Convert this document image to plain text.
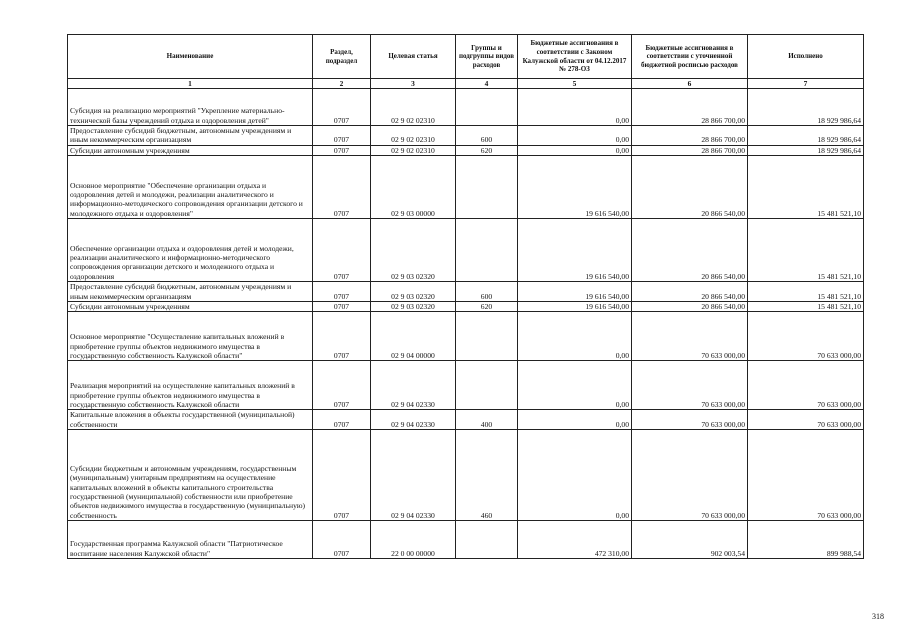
Наименование	Раздел, подраздел	Целевая статья	Группы и подгруппы видов расходов	Бюджетные ассигнования в соответствии с Законом Калужской области от 04.12.2017 № 278-ОЗ	Бюджетные ассигнования в соответствии с уточненной бюджетной росписью расходов	Исполнено
1	2	3	4	5	6	7
Субсидия на реализацию мероприятий "Укрепление материально-технической базы учреждений отдыха и оздоровления детей"	0707	02 9 02 02310		0,00	28 866 700,00	18 929 986,64
Предоставление субсидий бюджетным, автономным учреждениям и иным некоммерческим организациям	0707	02 9 02 02310	600	0,00	28 866 700,00	18 929 986,64
Субсидии автономным учреждениям	0707	02 9 02 02310	620	0,00	28 866 700,00	18 929 986,64
Основное мероприятие "Обеспечение организации отдыха и оздоровления детей и молодежи, реализации аналитического и информационно-методического сопровождения организации детского и молодежного отдыха и оздоровления"	0707	02 9 03 00000		19 616 540,00	20 866 540,00	15 481 521,10
Обеспечение организации отдыха и оздоровления детей и молодежи, реализации аналитического и информационно-методического сопровождения организации детского и молодежного отдыха и оздоровления	0707	02 9 03 02320		19 616 540,00	20 866 540,00	15 481 521,10
Предоставление субсидий бюджетным, автономным учреждениям и иным некоммерческим организациям	0707	02 9 03 02320	600	19 616 540,00	20 866 540,00	15 481 521,10
Субсидии автономным учреждениям	0707	02 9 03 02320	620	19 616 540,00	20 866 540,00	15 481 521,10
Основное мероприятие "Осуществление капитальных вложений в приобретение группы объектов недвижимого имущества в государственную собственность Калужской области"	0707	02 9 04 00000		0,00	70 633 000,00	70 633 000,00
Реализация мероприятий на осуществление капитальных вложений в приобретение группы объектов недвижимого имущества в государственную собственность Калужской области	0707	02 9 04 02330		0,00	70 633 000,00	70 633 000,00
Капитальные вложения в объекты государственной (муниципальной) собственности	0707	02 9 04 02330	400	0,00	70 633 000,00	70 633 000,00
Субсидии бюджетным и автономным учреждениям, государственным (муниципальным) унитарным предприятиям на осуществление капитальных вложений в объекты капитального строительства государственной (муниципальной) собственности или приобретение объектов недвижимого имущества в государственную (муниципальную) собственность	0707	02 9 04 02330	460	0,00	70 633 000,00	70 633 000,00
Государственная программа Калужской области "Патриотическое воспитание населения Калужской области"	0707	22 0 00 00000		472 310,00	902 003,54	899 988,54
318
